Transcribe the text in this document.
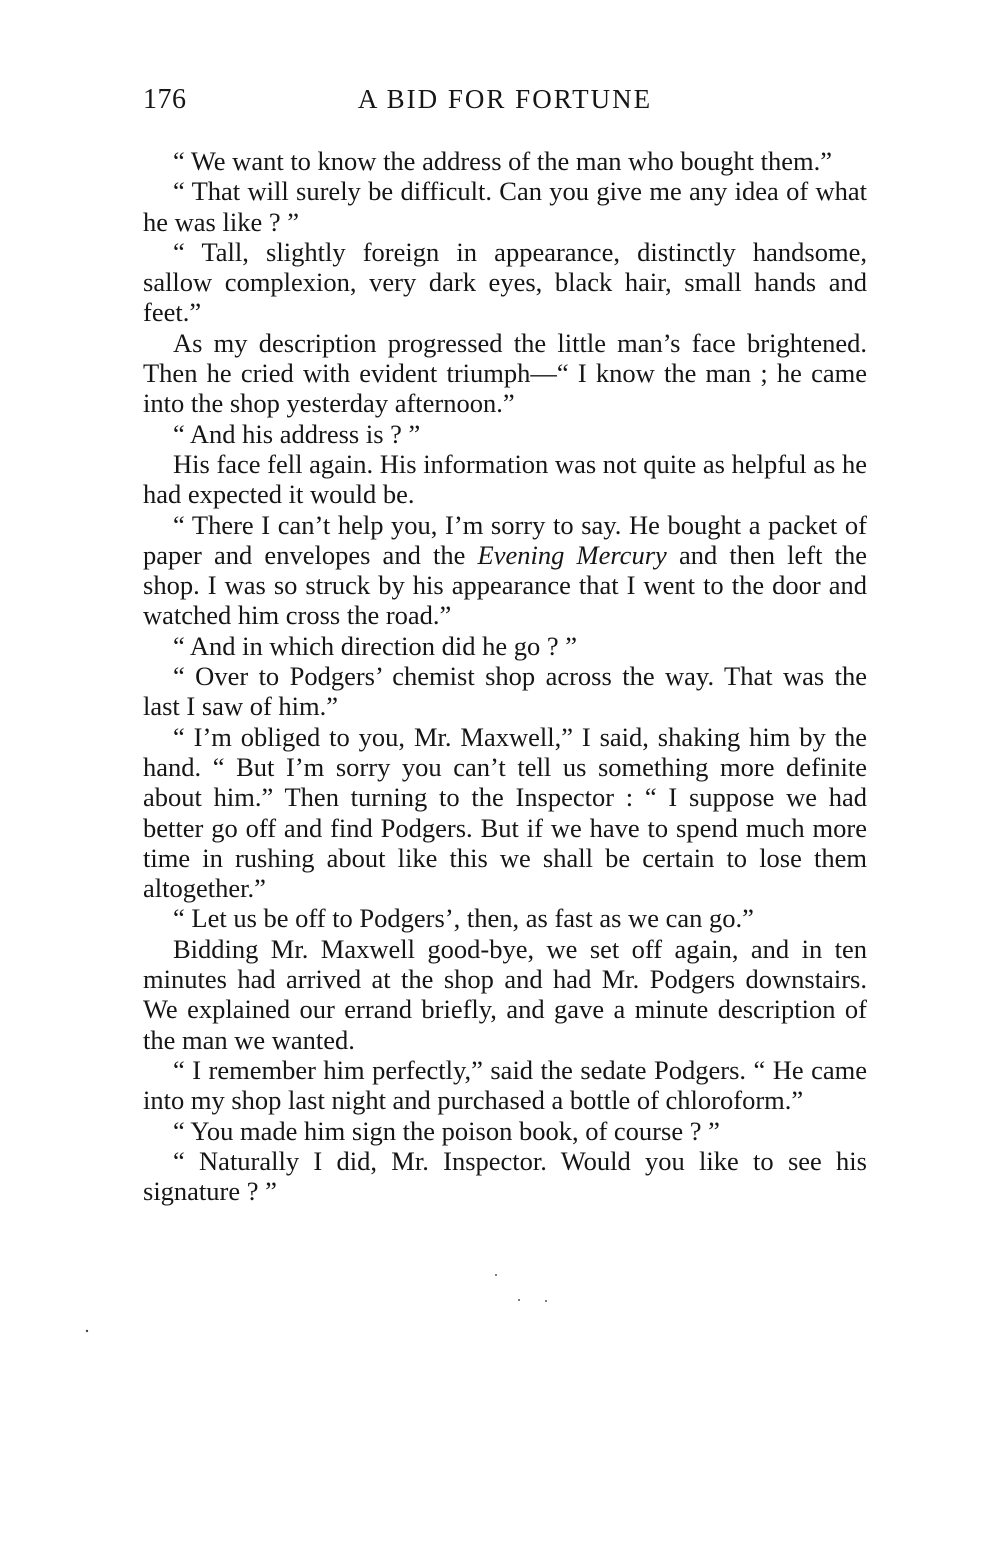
176	A BID FOR FORTUNE

“ We want to know the address of the man who bought them.”

“ That will surely be difficult. Can you give me any idea of what he was like ? ”

“ Tall, slightly foreign in appearance, distinctly handsome, sallow complexion, very dark eyes, black hair, small hands and feet.”

As my description progressed the little man’s face brightened. Then he cried with evident triumph—“ I know the man ; he came into the shop yesterday afternoon.”

“ And his address is ? ”

His face fell again. His information was not quite as helpful as he had expected it would be.

“ There I can’t help you, I’m sorry to say. He bought a packet of paper and envelopes and the Evening Mercury and then left the shop. I was so struck by his appearance that I went to the door and watched him cross the road.”

“ And in which direction did he go ? ”

“ Over to Podgers’ chemist shop across the way. That was the last I saw of him.”

“ I’m obliged to you, Mr. Maxwell,” I said, shaking him by the hand. “ But I’m sorry you can’t tell us something more definite about him.” Then turning to the Inspector : “ I suppose we had better go off and find Podgers. But if we have to spend much more time in rushing about like this we shall be certain to lose them altogether.”

“ Let us be off to Podgers’, then, as fast as we can go.”

Bidding Mr. Maxwell good-bye, we set off again, and in ten minutes had arrived at the shop and had Mr. Podgers downstairs. We explained our errand briefly, and gave a minute description of the man we wanted.

“ I remember him perfectly,” said the sedate Podgers. “ He came into my shop last night and purchased a bottle of chloroform.”

“ You made him sign the poison book, of course ? ”

“ Naturally I did, Mr. Inspector. Would you like to see his signature ? ”
